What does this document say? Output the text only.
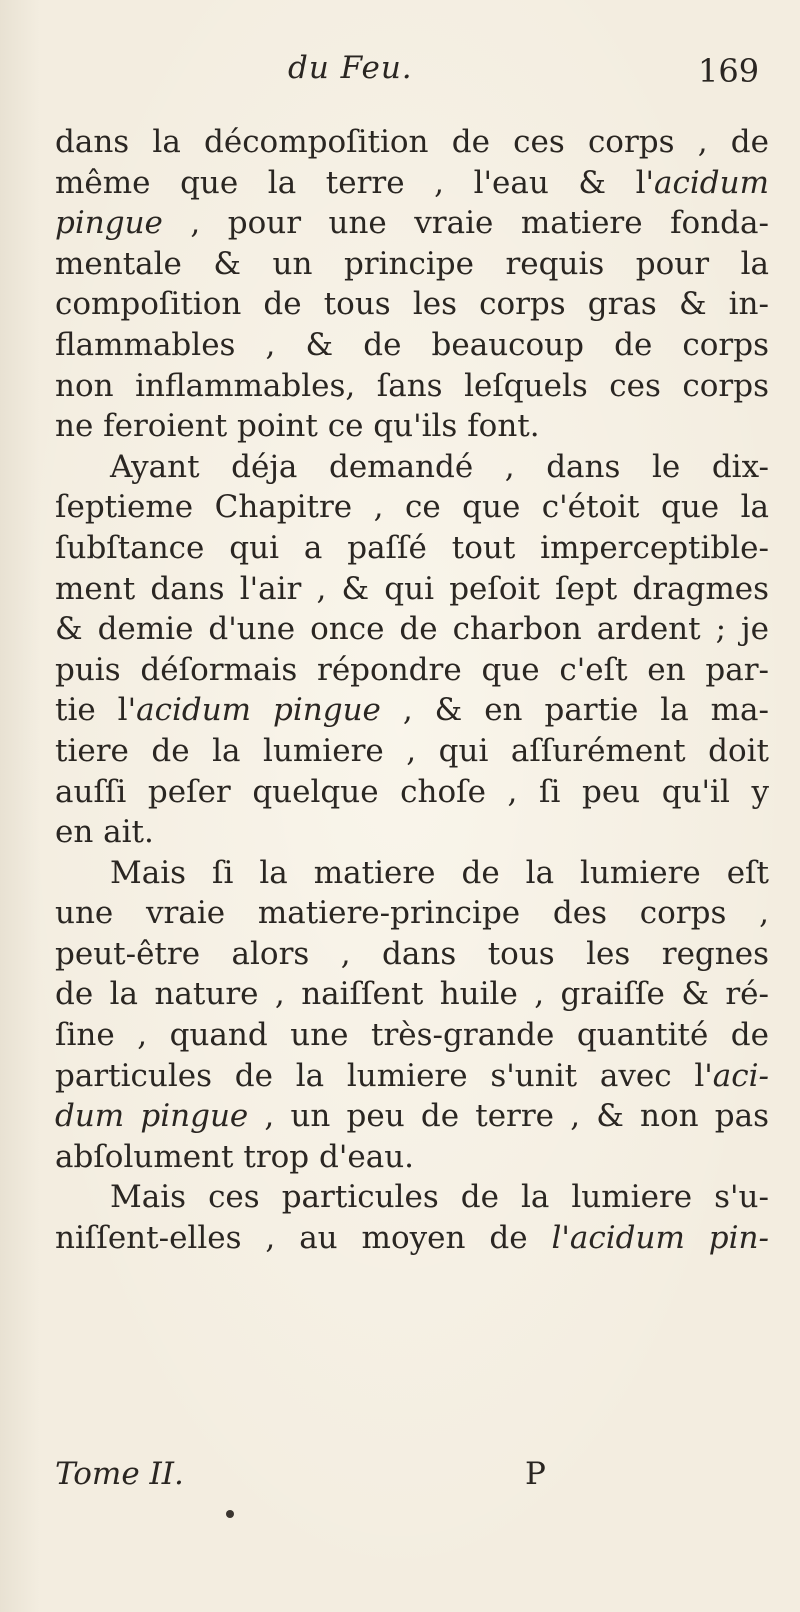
du Feu.	169
dans la décompoſition de ces corps , de
même que la terre , l'eau & l'acidum
pingue , pour une vraie matiere fonda-
mentale & un principe requis pour la
compoſition de tous les corps gras & in-
flammables , & de beaucoup de corps
non inflammables, ſans leſquels ces corps
ne feroient point ce qu'ils font.
Ayant déja demandé , dans le dix-
ſeptieme Chapitre , ce que c'étoit que la
ſubſtance qui a paſſé tout imperceptible-
ment dans l'air , & qui peſoit ſept dragmes
& demie d'une once de charbon ardent ; je
puis déſormais répondre que c'eſt en par-
tie l'acidum pingue , & en partie la ma-
tiere de la lumiere , qui aſſurément doit
auſſi peſer quelque choſe , ſi peu qu'il y
en ait.
Mais ſi la matiere de la lumiere eſt
une vraie matiere-principe des corps ,
peut-être alors , dans tous les regnes
de la nature , naiſſent huile , graiſſe & ré-
ſine , quand une très-grande quantité de
particules de la lumiere s'unit avec l'aci-
dum pingue , un peu de terre , & non pas
abſolument trop d'eau.
Mais ces particules de la lumiere s'u-
niſſent-elles , au moyen de l'acidum pin-
Tome II.	P
